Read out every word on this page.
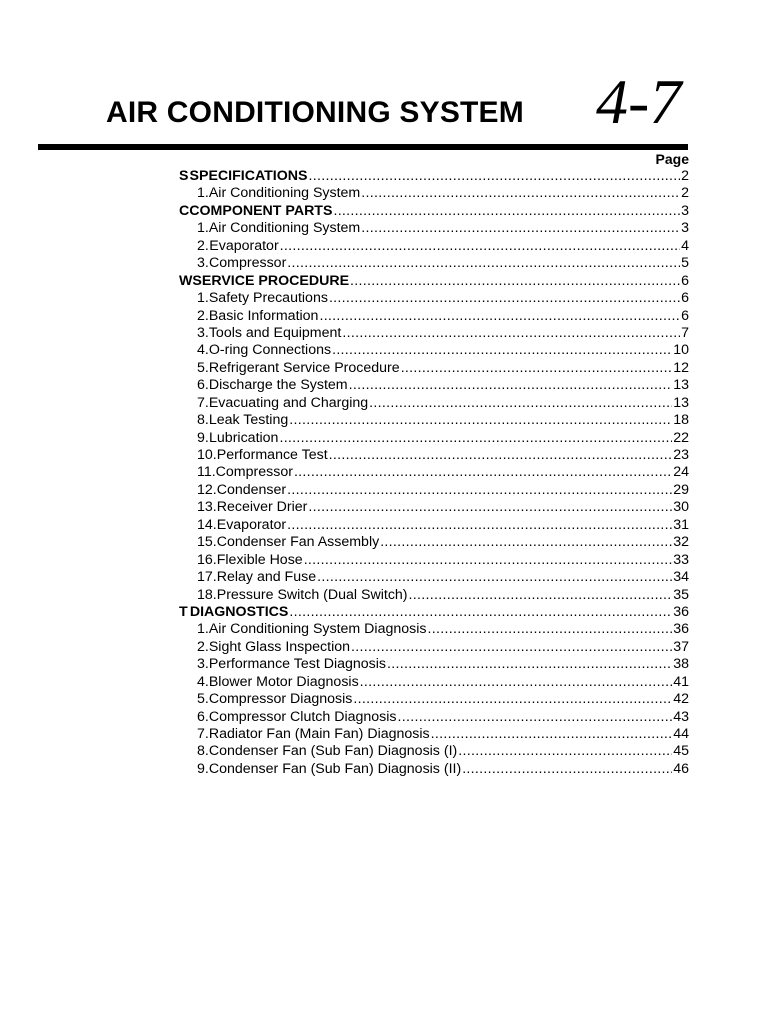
AIR CONDITIONING SYSTEM 4-7
Page
S SPECIFICATIONS .....	2
1. Air Conditioning System .....	2
C COMPONENT PARTS .....	3
1. Air Conditioning System .....	3
2. Evaporator .....	4
3. Compressor .....	5
W SERVICE PROCEDURE .....	6
1. Safety Precautions .....	6
2. Basic Information .....	6
3. Tools and Equipment .....	7
4. O-ring Connections .....	10
5. Refrigerant Service Procedure .....	12
6. Discharge the System .....	13
7. Evacuating and Charging .....	13
8. Leak Testing .....	18
9. Lubrication .....	22
10. Performance Test .....	23
11. Compressor .....	24
12. Condenser .....	29
13. Receiver Drier .....	30
14. Evaporator .....	31
15. Condenser Fan Assembly .....	32
16. Flexible Hose .....	33
17. Relay and Fuse .....	34
18. Pressure Switch (Dual Switch) .....	35
T DIAGNOSTICS .....	36
1. Air Conditioning System Diagnosis .....	36
2. Sight Glass Inspection .....	37
3. Performance Test Diagnosis .....	38
4. Blower Motor Diagnosis .....	41
5. Compressor Diagnosis .....	42
6. Compressor Clutch Diagnosis .....	43
7. Radiator Fan (Main Fan) Diagnosis .....	44
8. Condenser Fan (Sub Fan) Diagnosis (I) .....	45
9. Condenser Fan (Sub Fan) Diagnosis (II) .....	46
